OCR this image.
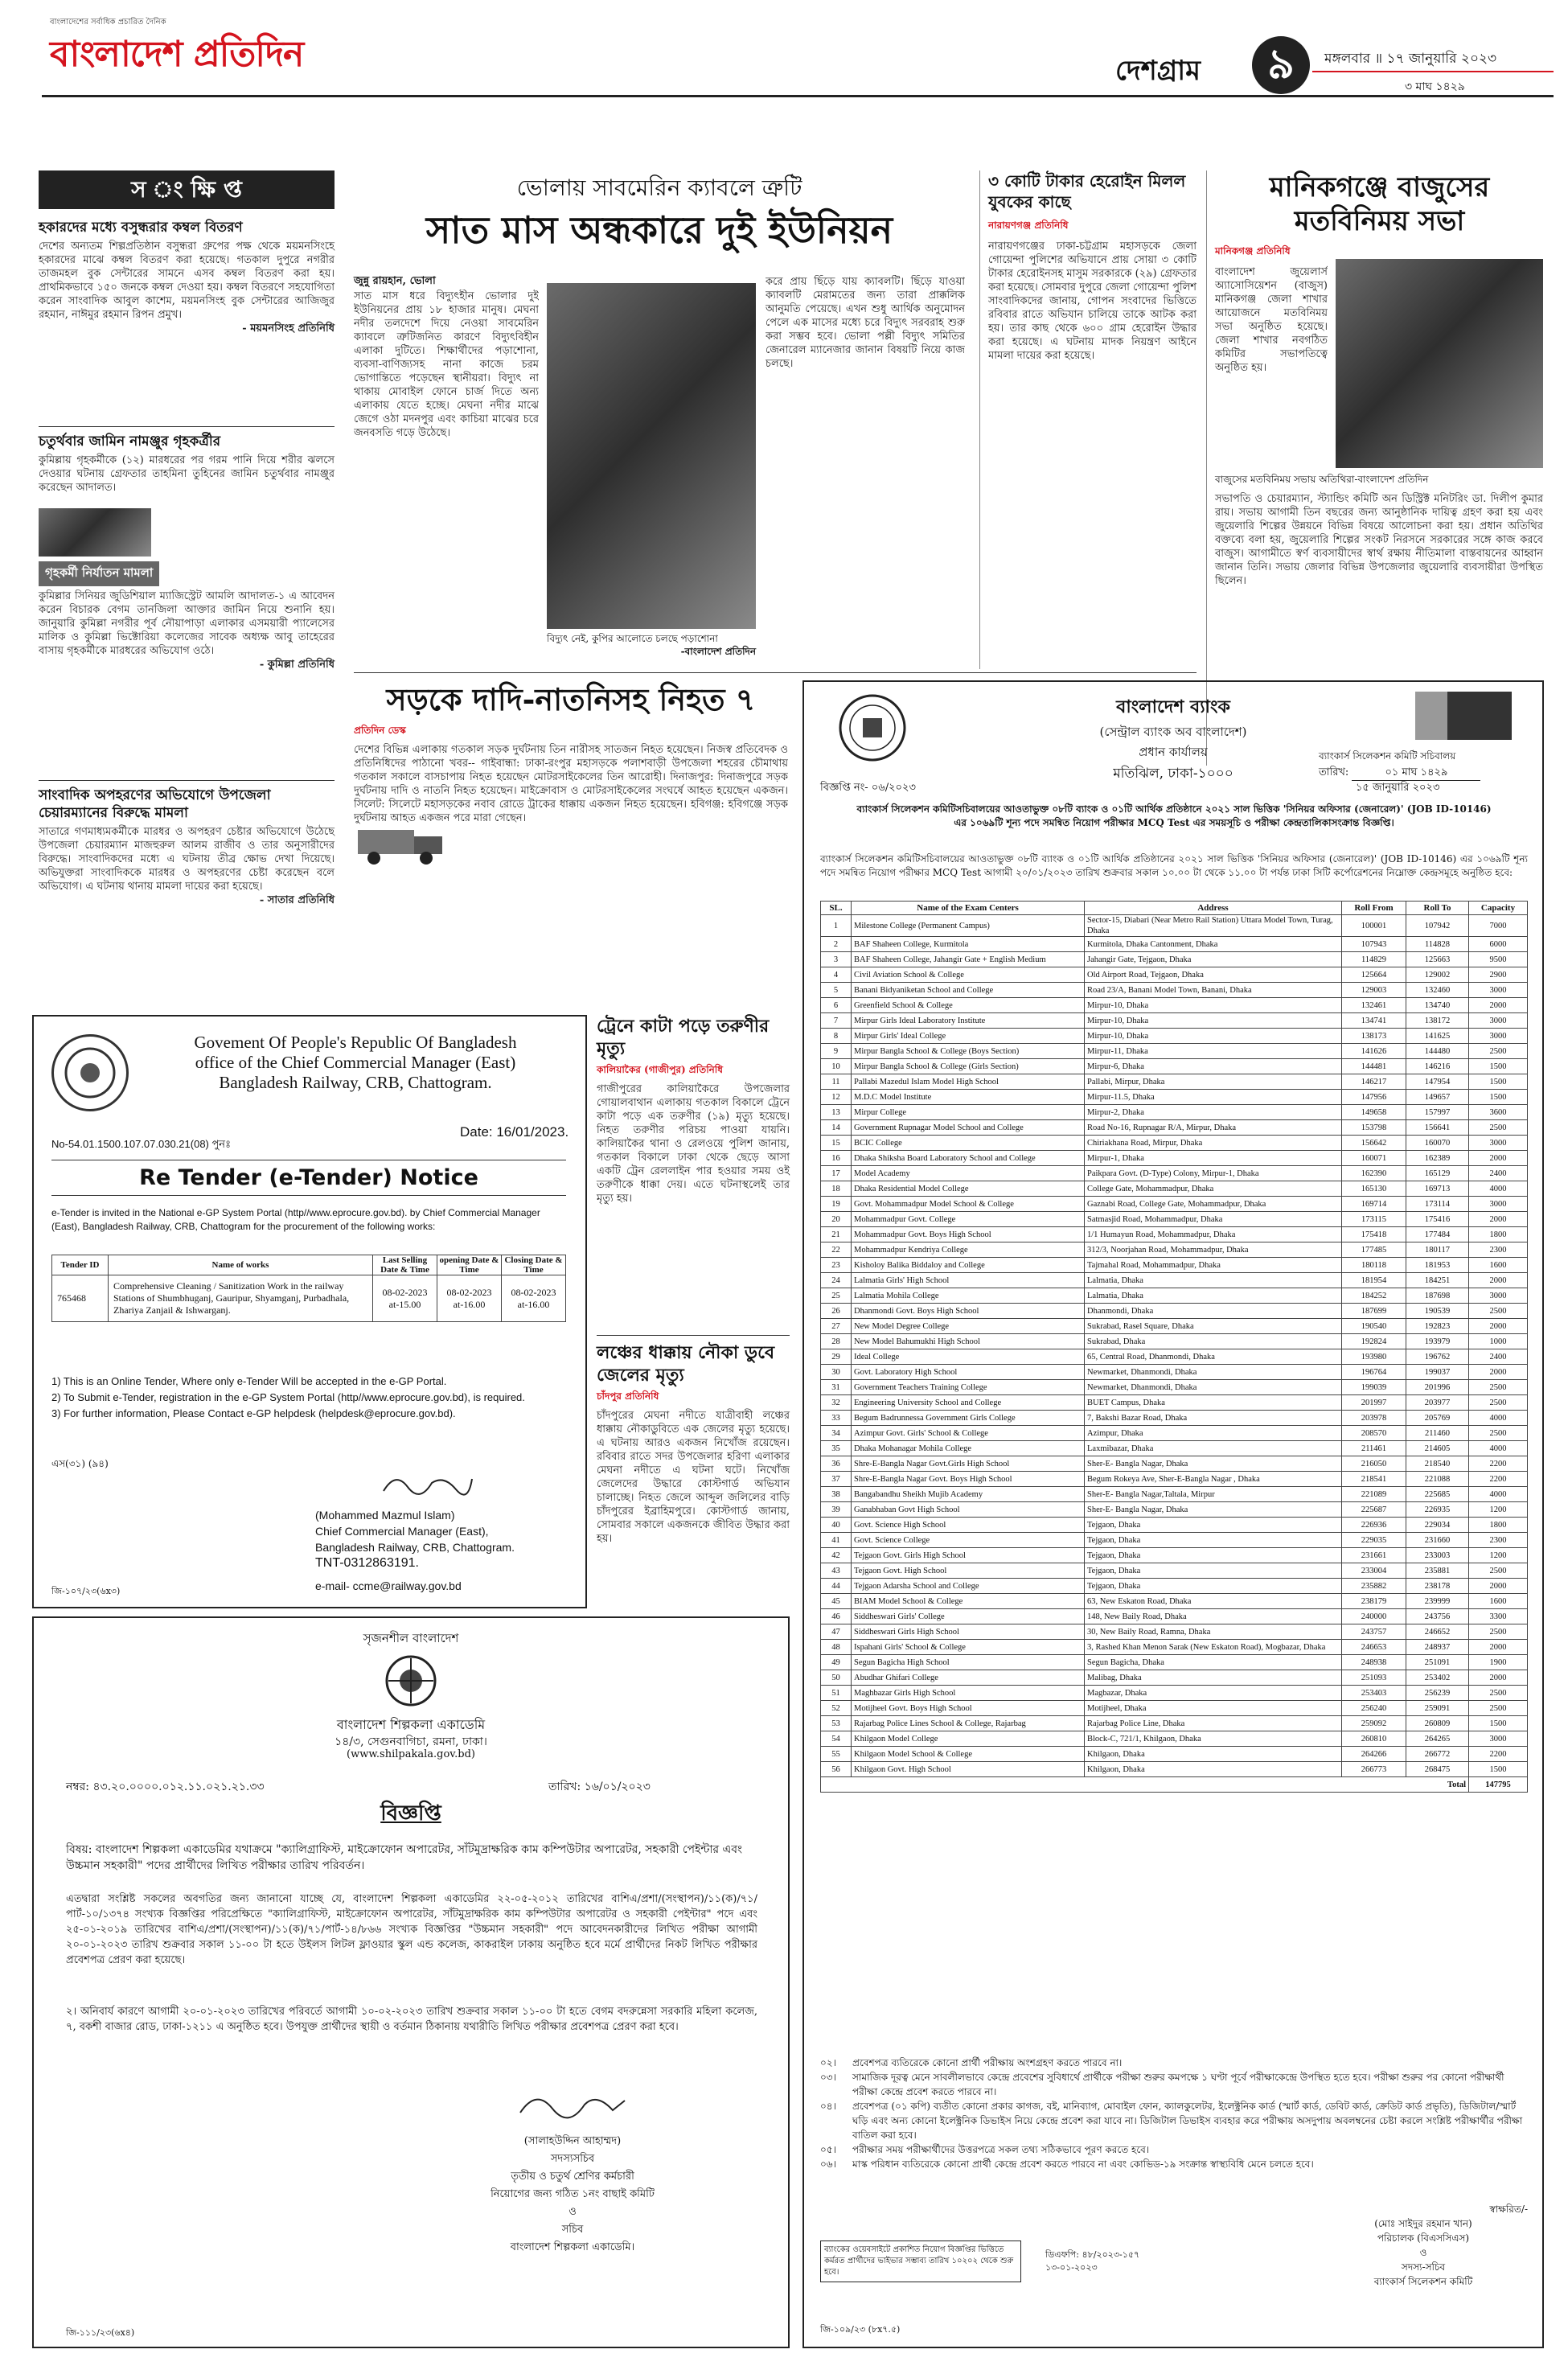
বাংলাদেশের সর্বাধিক প্রচারিত দৈনিক
বাংলাদেশ প্রতিদিন	দেশগ্রাম	৯	মঙ্গলবার ॥ ১৭ জানুয়ারি ২০২৩
৩ মাঘ ১৪২৯
স ং ক্ষি প্ত
হকারদের মধ্যে বসুন্ধরার কম্বল বিতরণ
দেশের অন্যতম শিল্পপ্রতিষ্ঠান বসুন্ধরা গ্রুপের পক্ষ থেকে ময়মনসিংহে হকারদের মাঝে কম্বল বিতরণ করা হয়েছে। গতকাল দুপুরে নগরীর তাজমহল বুক সেন্টারের সামনে এসব কম্বল বিতরণ করা হয়। প্রাথমিকভাবে ১৫০ জনকে কম্বল দেওয়া হয়। কম্বল বিতরণে সহযোগিতা করেন সাংবাদিক আবুল কাশেম, ময়মনসিংহ বুক সেন্টারের আজিজুর রহমান, নাঈমুর রহমান রিপন প্রমুখ।
- ময়মনসিংহ প্রতিনিধি
চতুর্থবার জামিন নামঞ্জুর গৃহকর্ত্রীর
কুমিল্লায় গৃহকর্মীকে (১২) মারধরের পর গরম পানি দিয়ে শরীর ঝলসে দেওয়ার ঘটনায় গ্রেফতার তাহমিনা তুহিনের জামিন চতুর্থবার নামঞ্জুর করেছেন আদালত।
গৃহকর্মী নির্যাতন মামলা
কুমিল্লার সিনিয়র জুডিশিয়াল ম্যাজিস্ট্রেট আমলি আদালত-১ এ আবেদন করেন বিচারক বেগম তানজিলা আক্তার জামিন নিয়ে শুনানি হয়। জানুয়ারি কুমিল্লা নগরীর পূর্ব নৌয়াপাড়া এলাকার এসময়ারী প্যালেসের মালিক ও কুমিল্লা ভিক্টোরিয়া কলেজের সাবেক অধ্যক্ষ আবু তাহেরের বাসায় গৃহকর্মীকে মারধরের অভিযোগ ওঠে।
- কুমিল্লা প্রতিনিধি
সাংবাদিক অপহরণের অভিযোগে উপজেলা চেয়ারম্যানের বিরুদ্ধে মামলা
সাতারে গণমাধ্যমকর্মীকে মারধর ও অপহরণ চেষ্টার অভিযোগে উঠেছে উপজেলা চেয়ারম্যান মাজহুরুল আলম রাজীব ও তার অনুসারীদের বিরুদ্ধে। সাংবাদিকদের মধ্যে এ ঘটনায় তীব্র ক্ষোভ দেখা দিয়েছে। অভিযুক্তরা সাংবাদিককে মারধর ও অপহরণের চেষ্টা করেছেন বলে অভিযোগ। এ ঘটনায় থানায় মামলা দায়ের করা হয়েছে।
- সাতার প্রতিনিধি
ভোলায় সাবমেরিন ক্যাবলে ত্রুটি
সাত মাস অন্ধকারে দুই ইউনিয়ন
জুন্নু রায়হান, ভোলা
সাত মাস ধরে বিদ্যুৎহীন ভোলার দুই ইউনিয়নের প্রায় ১৮ হাজার মানুষ। মেঘনা নদীর তলদেশে দিয়ে নেওয়া সাবমেরিন ক্যাবলে ত্রুটিজনিত কারণে বিদ্যুৎবিহীন এলাকা দুটিতে। শিক্ষার্থীদের পড়াশোনা, ব্যবসা-বাণিজ্যসহ নানা কাজে চরম ভোগান্তিতে পড়েছেন স্থানীয়রা। বিদ্যুৎ না থাকায় মোবাইল ফোনে চার্জ দিতে অন্য এলাকায় যেতে হচ্ছে। মেঘনা নদীর মাঝে জেগে ওঠা মদনপুর এবং কাচিয়া মাঝের চরে জনবসতি গড়ে উঠেছে।
বিদ্যুৎ নেই, কুপির আলোতে চলছে পড়াশোনা
-বাংলাদেশ প্রতিদিন
করে প্রায় ছিঁড়ে যায় ক্যাবলটি। ছিঁড়ে যাওয়া ক্যাবলটি মেরামতের জন্য তারা প্রাক্কলিক আনুমতি পেয়েছে। এখন শুধু আর্থিক অনুমোদন পেলে এক মাসের মধ্যে চরে বিদ্যুৎ সরবরাহ শুরু করা সম্ভব হবে। ভোলা পল্লী বিদ্যুৎ সমিতির জেনারেল ম্যানেজার জানান বিষয়টি নিয়ে কাজ চলছে।
৩ কোটি টাকার হেরোইন মিলল যুবকের কাছে
নারায়ণগঞ্জ প্রতিনিধি
নারায়ণগঞ্জের ঢাকা-চট্টগ্রাম মহাসড়কে জেলা গোয়েন্দা পুলিশের অভিযানে প্রায় সোয়া ৩ কোটি টাকার হেরোইনসহ মাসুম সরকারকে (২৯) গ্রেফতার করা হয়েছে। সোমবার দুপুরে জেলা গোয়েন্দা পুলিশ সাংবাদিকদের জানায়, গোপন সংবাদের ভিত্তিতে রবিবার রাতে অভিযান চালিয়ে তাকে আটক করা হয়। তার কাছ থেকে ৬০০ গ্রাম হেরোইন উদ্ধার করা হয়েছে। এ ঘটনায় মাদক নিয়ন্ত্রণ আইনে মামলা দায়ের করা হয়েছে।
মানিকগঞ্জে বাজুসের মতবিনিময় সভা
মানিকগঞ্জ প্রতিনিধি
বাংলাদেশ জুয়েলার্স অ্যাসোসিয়েশন (বাজুস) মানিকগঞ্জ জেলা শাখার আয়োজনে মতবিনিময় সভা অনুষ্ঠিত হয়েছে। জেলা শাখার নবগঠিত কমিটির সভাপতিত্বে অনুষ্ঠিত হয়।
বাজুসের মতবিনিময় সভায় অতিথিরা-বাংলাদেশ প্রতিদিন
সভাপতি ও চেয়ারম্যান, স্ট্যান্ডিং কমিটি অন ডিস্ট্রিক্ট মনিটরিং ডা. দিলীপ কুমার রায়। সভায় আগামী তিন বছরের জন্য আনুষ্ঠানিক দায়িত্ব গ্রহণ করা হয় এবং জুয়েলারি শিল্পের উন্নয়নে বিভিন্ন বিষয়ে আলোচনা করা হয়। প্রধান অতিথির বক্তব্যে বলা হয়, জুয়েলারি শিল্পের সংকট নিরসনে সরকারের সঙ্গে কাজ করবে বাজুস। আগামীতে স্বর্ণ ব্যবসায়ীদের স্বার্থ রক্ষায় নীতিমালা বাস্তবায়নের আহ্বান জানান তিনি। সভায় জেলার বিভিন্ন উপজেলার জুয়েলারি ব্যবসায়ীরা উপস্থিত ছিলেন।
সড়কে দাদি-নাতনিসহ নিহত ৭
প্রতিদিন ডেস্ক
দেশের বিভিন্ন এলাকায় গতকাল সড়ক দুর্ঘটনায় তিন নারীসহ সাতজন নিহত হয়েছেন। নিজস্ব প্রতিবেদক ও প্রতিনিধিদের পাঠানো খবর-- গাইবান্ধা: ঢাকা-রংপুর মহাসড়কে পলাশবাড়ী উপজেলা শহরের চৌমাথায় গতকাল সকালে বাসচাপায় নিহত হয়েছেন মোটরসাইকেলের তিন আরোহী। দিনাজপুর: দিনাজপুরে সড়ক দুর্ঘটনায় দাদি ও নাতনি নিহত হয়েছেন। মাইক্রোবাস ও মোটরসাইকেলের সংঘর্ষে আহত হয়েছেন একজন। সিলেট: সিলেটে মহাসড়কের নবাব রোডে ট্রাকের ধাক্কায় একজন নিহত হয়েছেন। হবিগঞ্জ: হবিগঞ্জে সড়ক দুর্ঘটনায় আহত একজন পরে মারা গেছেন।
Govement Of People's Republic Of Bangladesh
office of the Chief Commercial Manager (East)
Bangladesh Railway, CRB, Chattogram.
No-54.01.1500.107.07.030.21(08) পুনঃ
Date: 16/01/2023.
Re Tender (e-Tender) Notice
e-Tender is invited in the National e-GP System Portal (http//www.eprocure.gov.bd). by Chief Commercial Manager (East), Bangladesh Railway, CRB, Chattogram for the procurement of the following works:
Tender ID	Name of works	Last Selling Date & Time	opening Date & Time	Closing Date & Time
765468	Comprehensive Cleaning / Sanitization Work in the railway Stations of Shumbhuganj, Gauripur, Shyamganj, Purbadhala, Zhariya Zanjail & Ishwarganj.	08-02-2023 at-15.00	08-02-2023 at-16.00	08-02-2023 at-16.00
1) This is an Online Tender, Where only e-Tender Will be accepted in the e-GP Portal.
2) To Submit e-Tender, registration in the e-GP System Portal (http//www.eprocure.gov.bd), is required.
3) For further information, Please Contact e-GP helpdesk (helpdesk@eprocure.gov.bd).
এস(৩১) (৯৪)
(Mohammed Mazmul Islam)
Chief Commercial Manager (East),
Bangladesh Railway, CRB, Chattogram.
TNT-0312863191.
e-mail- ccme@railway.gov.bd
জি-১০৭/২৩(৬x৩)
ট্রেনে কাটা পড়ে তরুণীর মৃত্যু
কালিয়াকৈর (গাজীপুর) প্রতিনিধি
গাজীপুরের কালিয়াকৈরে উপজেলার গোয়ালবাথান এলাকায় গতকাল বিকালে ট্রেনে কাটা পড়ে এক তরুণীর (১৯) মৃত্যু হয়েছে। নিহত তরুণীর পরিচয় পাওয়া যায়নি। কালিয়াকৈর থানা ও রেলওয়ে পুলিশ জানায়, গতকাল বিকালে ঢাকা থেকে ছেড়ে আসা একটি ট্রেন রেললাইন পার হওয়ার সময় ওই তরুণীকে ধাক্কা দেয়। এতে ঘটনাস্থলেই তার মৃত্যু হয়।
লঞ্চের ধাক্কায় নৌকা ডুবে জেলের মৃত্যু
চাঁদপুর প্রতিনিধি
চাঁদপুরের মেঘনা নদীতে যাত্রীবাহী লঞ্চের ধাক্কায় নৌকাডুবিতে এক জেলের মৃত্যু হয়েছে। এ ঘটনায় আরও একজন নিখোঁজ রয়েছেন। রবিবার রাতে সদর উপজেলার হরিণা এলাকার মেঘনা নদীতে এ ঘটনা ঘটে। নিখোঁজ জেলেদের উদ্ধারে কোস্টগার্ড অভিযান চালাচ্ছে। নিহত জেলে আব্দুল জলিলের বাড়ি চাঁদপুরের ইব্রাহিমপুরে। কোস্টগার্ড জানায়, সোমবার সকালে একজনকে জীবিত উদ্ধার করা হয়।
সৃজনশীল বাংলাদেশ
বাংলাদেশ শিল্পকলা একাডেমি
১৪/৩, সেগুনবাগিচা, রমনা, ঢাকা।
(www.shilpakala.gov.bd)
নম্বর: ৪৩.২০.০০০০.০১২.১১.০২১.২১.৩৩	তারিখ: ১৬/০১/২০২৩
বিজ্ঞপ্তি
বিষয়: বাংলাদেশ শিল্পকলা একাডেমির যথাক্রমে "ক্যালিগ্রাফিস্ট, মাইক্রোফোন অপারেটর, সাঁটমুদ্রাক্ষরিক কাম কম্পিউটার অপারেটর, সহকারী পেইন্টার এবং উচ্চমান সহকারী" পদের প্রার্থীদের লিখিত পরীক্ষার তারিখ পরিবর্তন।
এতদ্বারা সংশ্লিষ্ট সকলের অবগতির জন্য জানানো যাচ্ছে যে, বাংলাদেশ শিল্পকলা একাডেমির ২২-০৫-২০১২ তারিখের বাশিএ/প্রশা/(সংস্থাপন)/১১(ক)/৭১/পার্ট-১০/১৩৭৪ সংখ্যক বিজ্ঞপ্তির পরিপ্রেক্ষিতে "ক্যালিগ্রাফিস্ট, মাইক্রোফোন অপারেটর, সাঁটমুদ্রাক্ষরিক কাম কম্পিউটার অপারেটর ও সহকারী পেইন্টার" পদে এবং ২৫-০১-২০১৯ তারিখের বাশিএ/প্রশা/(সংস্থাপন)/১১(ক)/৭১/পার্ট-১৪/৮৬৬ সংখ্যক বিজ্ঞপ্তির "উচ্চমান সহকারী" পদে আবেদনকারীদের লিখিত পরীক্ষা আগামী ২০-০১-২০২৩ তারিখ শুক্রবার সকাল ১১-০০ টা হতে উইলস লিটল ফ্লাওয়ার স্কুল এন্ড কলেজ, কাকরাইল ঢাকায় অনুষ্ঠিত হবে মর্মে প্রার্থীদের নিকট লিখিত পরীক্ষার প্রবেশপত্র প্রেরণ করা হয়েছে।
২। অনিবার্য কারণে আগামী ২০-০১-২০২৩ তারিখের পরিবর্তে আগামী ১০-০২-২০২৩ তারিখ শুক্রবার সকাল ১১-০০ টা হতে বেগম বদরুন্নেসা সরকারি মহিলা কলেজ, ৭, বকশী বাজার রোড, ঢাকা-১২১১ এ অনুষ্ঠিত হবে। উপযুক্ত প্রার্থীদের স্থায়ী ও বর্তমান ঠিকানায় যথারীতি লিখিত পরীক্ষার প্রবেশপত্র প্রেরণ করা হবে।
(সালাহউদ্দিন আহাম্মদ)
সদস্যসচিব
তৃতীয় ও চতুর্থ শ্রেণির কর্মচারী
নিয়োগের জন্য গঠিত ১নং বাছাই কমিটি
ও
সচিব
বাংলাদেশ শিল্পকলা একাডেমি।
জি-১১১/২৩(৬x৪)
বাংলাদেশ ব্যাংক
(সেন্ট্রাল ব্যাংক অব বাংলাদেশ)
প্রধান কার্যালয়
মতিঝিল, ঢাকা-১০০০
ব্যাংকার্স সিলেকশন কমিটি সচিবালয়
বিজ্ঞপ্তি নং- ০৬/২০২৩
তারিখ:	০১ মাঘ ১৪২৯
১৫ জানুয়ারি ২০২৩
ব্যাংকার্স সিলেকশন কমিটিসচিবালয়ের আওতাভুক্ত ০৮টি ব্যাংক ও ০১টি আর্থিক প্রতিষ্ঠানে ২০২১ সাল ভিত্তিক 'সিনিয়র অফিসার (জেনারেল)' (JOB ID-10146) এর ১০৬৯টি শূন্য পদে সমন্বিত নিয়োগ পরীক্ষার MCQ Test এর সময়সূচি ও পরীক্ষা কেন্দ্রতালিকাসংক্রান্ত বিজ্ঞপ্তি।
ব্যাংকার্স সিলেকশন কমিটিসচিবালয়ের আওতাভুক্ত ০৮টি ব্যাংক ও ০১টি আর্থিক প্রতিষ্ঠানের ২০২১ সাল ভিত্তিক 'সিনিয়র অফিসার (জেনারেল)' (JOB ID-10146) এর ১০৬৯টি শূন্য পদে সমন্বিত নিয়োগ পরীক্ষার MCQ Test আগামী ২০/০১/২০২৩ তারিখ শুক্রবার সকাল ১০.০০ টা থেকে ১১.০০ টা পর্যন্ত ঢাকা সিটি কর্পোরেশনের নিম্নোক্ত কেন্দ্রসমূহে অনুষ্ঠিত হবে:
SL.	Name of the Exam Centers	Address	Roll From	Roll To	Capacity
1	Milestone College (Permanent Campus)	Sector-15, Diabari (Near Metro Rail Station) Uttara Model Town, Turag, Dhaka	100001	107942	7000
2	BAF Shaheen College, Kurmitola	Kurmitola, Dhaka Cantonment, Dhaka	107943	114828	6000
3	BAF Shaheen College, Jahangir Gate + English Medium	Jahangir Gate, Tejgaon, Dhaka	114829	125663	9500
4	Civil Aviation School & College	Old Airport Road, Tejgaon, Dhaka	125664	129002	2900
5	Banani Bidyaniketan School and College	Road 23/A, Banani Model Town, Banani, Dhaka	129003	132460	3000
6	Greenfield School & College	Mirpur-10, Dhaka	132461	134740	2000
7	Mirpur Girls Ideal Laboratory Institute	Mirpur-10, Dhaka	134741	138172	3000
8	Mirpur Girls' Ideal College	Mirpur-10, Dhaka	138173	141625	3000
9	Mirpur Bangla School & College (Boys Section)	Mirpur-11, Dhaka	141626	144480	2500
10	Mirpur Bangla School & College (Girls Section)	Mirpur-6, Dhaka	144481	146216	1500
11	Pallabi Mazedul Islam Model High School	Pallabi, Mirpur, Dhaka	146217	147954	1500
12	M.D.C Model Institute	Mirpur-11.5, Dhaka	147956	149657	1500
13	Mirpur College	Mirpur-2, Dhaka	149658	157997	3600
14	Government Rupnagar Model School and College	Road No-16, Rupnagar R/A, Mirpur, Dhaka	153798	156641	2500
15	BCIC College	Chiriakhana Road, Mirpur, Dhaka	156642	160070	3000
16	Dhaka Shiksha Board Laboratory School and College	Mirpur-1, Dhaka	160071	162389	2000
17	Model Academy	Paikpara Govt. (D-Type) Colony, Mirpur-1, Dhaka	162390	165129	2400
18	Dhaka Residential Model College	College Gate, Mohammadpur, Dhaka	165130	169713	4000
19	Govt. Mohammadpur Model School & College	Gaznabi Road, College Gate, Mohammadpur, Dhaka	169714	173114	3000
20	Mohammadpur Govt. College	Satmasjid Road, Mohammadpur, Dhaka	173115	175416	2000
21	Mohammadpur Govt. Boys High School	1/1 Humayun Road, Mohammadpur, Dhaka	175418	177484	1800
22	Mohammadpur Kendriya College	312/3, Noorjahan Road, Mohammadpur, Dhaka	177485	180117	2300
23	Kisholoy Balika Biddaloy and College	Tajmahal Road, Mohammadpur, Dhaka	180118	181953	1600
24	Lalmatia Girls' High School	Lalmatia, Dhaka	181954	184251	2000
25	Lalmatia Mohila College	Lalmatia, Dhaka	184252	187698	3000
26	Dhanmondi Govt. Boys High School	Dhanmondi, Dhaka	187699	190539	2500
27	New Model Degree College	Sukrabad, Rasel Square, Dhaka	190540	192823	2000
28	New Model Bahumukhi High School	Sukrabad, Dhaka	192824	193979	1000
29	Ideal College	65, Central Road, Dhanmondi, Dhaka	193980	196762	2400
30	Govt. Laboratory High School	Newmarket, Dhanmondi, Dhaka	196764	199037	2000
31	Government Teachers Training College	Newmarket, Dhanmondi, Dhaka	199039	201996	2500
32	Engineering University School and College	BUET Campus, Dhaka	201997	203977	2500
33	Begum Badrunnessa Government Girls College	7, Bakshi Bazar Road, Dhaka	203978	205769	4000
34	Azimpur Govt. Girls' School & College	Azimpur, Dhaka	208570	211460	2500
35	Dhaka Mohanagar Mohila College	Laxmibazar, Dhaka	211461	214605	4000
36	Shre-E-Bangla Nagar Govt.Girls High School	Sher-E- Bangla Nagar, Dhaka	216050	218540	2200
37	Shre-E-Bangla Nagar Govt. Boys High School	Begum Rokeya Ave, Sher-E-Bangla Nagar , Dhaka	218541	221088	2200
38	Bangabandhu Sheikh Mujib Academy	Sher-E- Bangla Nagar,Taltala, Mirpur	221089	225685	4000
39	Ganabhaban Govt High School	Sher-E- Bangla Nagar, Dhaka	225687	226935	1200
40	Govt. Science High School	Tejgaon, Dhaka	226936	229034	1800
41	Govt. Science College	Tejgaon, Dhaka	229035	231660	2300
42	Tejgaon Govt. Girls High School	Tejgaon, Dhaka	231661	233003	1200
43	Tejgaon Govt. High School	Tejgaon, Dhaka	233004	235881	2500
44	Tejgaon Adarsha School and College	Tejgaon, Dhaka	235882	238178	2000
45	BIAM Model School & College	63, New Eskaton Road, Dhaka	238179	239999	1600
46	Siddheswari Girls' College	148, New Baily Road, Dhaka	240000	243756	3300
47	Siddheswari Girls High School	30, New Baily Road, Ramna, Dhaka	243757	246652	2500
48	Ispahani Girls' School & College	3, Rashed Khan Menon Sarak (New Eskaton Road), Mogbazar, Dhaka	246653	248937	2000
49	Segun Bagicha High School	Segun Bagicha, Dhaka	248938	251091	1900
50	Abudhar Ghifari College	Malibag, Dhaka	251093	253402	2000
51	Maghbazar Girls High School	Magbazar, Dhaka	253403	256239	2500
52	Motijheel Govt. Boys High School	Motijheel, Dhaka	256240	259091	2500
53	Rajarbag Police Lines School & College, Rajarbag	Rajarbag Police Line, Dhaka	259092	260809	1500
54	Khilgaon Model College	Block-C, 721/1, Khilgaon, Dhaka	260810	264265	3000
55	Khilgaon Model School & College	Khilgaon, Dhaka	264266	266772	2200
56	Khilgaon Govt. High School	Khilgaon, Dhaka	266773	268475	1500
Total					147795
০২।	প্রবেশপত্র ব্যতিরেকে কোনো প্রার্থী পরীক্ষায় অংশগ্রহণ করতে পারবে না।
০৩।	সামাজিক দূরত্ব মেনে সাবলীলভাবে কেন্দ্রে প্রবেশের সুবিধার্থে প্রার্থীকে পরীক্ষা শুরুর কমপক্ষে ১ ঘণ্টা পূর্বে পরীক্ষাকেন্দ্রে উপস্থিত হতে হবে। পরীক্ষা শুরুর পর কোনো পরীক্ষার্থী পরীক্ষা কেন্দ্রে প্রবেশ করতে পারবে না।
০৪।	প্রবেশপত্র (০১ কপি) ব্যতীত কোনো প্রকার কাগজ, বই, মানিব্যাগ, মোবাইল ফোন, ক্যালকুলেটর, ইলেক্ট্রনিক কার্ড (স্মার্ট কার্ড, ডেবিট কার্ড, ক্রেডিট কার্ড প্রভৃতি), ডিজিটাল/স্মার্ট ঘড়ি এবং অন্য কোনো ইলেক্ট্রনিক ডিভাইস নিয়ে কেন্দ্রে প্রবেশ করা যাবে না। ডিজিটাল ডিভাইস ব্যবহার করে পরীক্ষায় অসদুপায় অবলম্বনের চেষ্টা করলে সংশ্লিষ্ট পরীক্ষার্থীর পরীক্ষা বাতিল করা হবে।
০৫।	পরীক্ষার সময় পরীক্ষার্থীদের উত্তরপত্রে সকল তথ্য সঠিকভাবে পূরণ করতে হবে।
০৬।	মাস্ক পরিধান ব্যতিরেকে কোনো প্রার্থী কেন্দ্রে প্রবেশ করতে পারবে না এবং কোভিড-১৯ সংক্রান্ত স্বাস্থ্যবিধি মেনে চলতে হবে।
স্বাক্ষরিত/-
(মোঃ সাইদুর রহমান খান)
পরিচালক (বিএসসিএস)
ও
সদস্য-সচিব
ব্যাংকার্স সিলেকশন কমিটি
ব্যাংকের ওয়েবসাইটে প্রকাশিত নিয়োগ বিজ্ঞপ্তির ভিত্তিতে কর্মরত প্রার্থীদের ভাইভার সম্ভাব্য তারিখ ১০২০২ থেকে শুরু হবে।
ডিএফপি: ৪৮/২০২৩-১৫৭
১৩-০১-২০২৩
জি-১০৯/২৩ (৮x৭.৫)
